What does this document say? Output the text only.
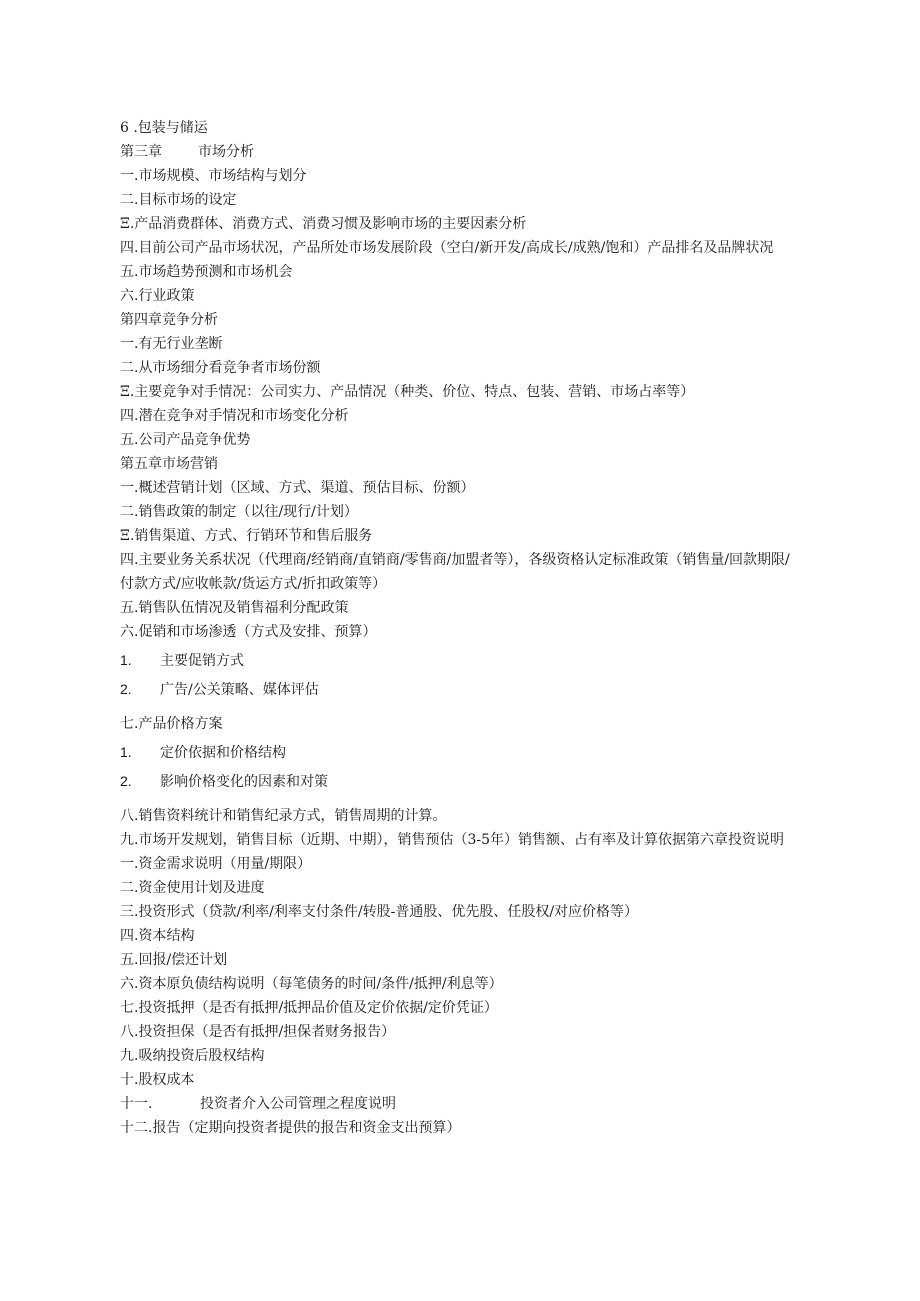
6 .包装与储运
第三章	市场分析
一.市场规模、市场结构与划分
二.目标市场的设定
Ξ.产品消费群体、消费方式、消费习惯及影响市场的主要因素分析
四.目前公司产品市场状况，产品所处市场发展阶段（空白/新开发/高成长/成熟/饱和）产品排名及品牌状况
五.市场趋势预测和市场机会
六.行业政策
第四章竞争分析
一.有无行业垄断
二.从市场细分看竞争者市场份额
Ξ.主要竞争对手情况：公司实力、产品情况（种类、价位、特点、包装、营销、市场占率等）
四.潜在竞争对手情况和市场变化分析
五.公司产品竞争优势
第五章市场营销
一.概述营销计划（区域、方式、渠道、预估目标、份额）
二.销售政策的制定（以往/现行/计划）
Ξ.销售渠道、方式、行销环节和售后服务
四.主要业务关系状况（代理商/经销商/直销商/零售商/加盟者等），各级资格认定标准政策（销售量/回款期限/付款方式/应收帐款/货运方式/折扣政策等）
五.销售队伍情况及销售福利分配政策
六.促销和市场渗透（方式及安排、预算）
1. 主要促销方式
2. 广告/公关策略、媒体评估
七.产品价格方案
1. 定价依据和价格结构
2. 影响价格变化的因素和对策
八.销售资料统计和销售纪录方式，销售周期的计算。
九.市场开发规划，销售目标（近期、中期），销售预估（3-5年）销售额、占有率及计算依据第六章投资说明
一.资金需求说明（用量/期限）
二.资金使用计划及进度
三.投资形式（贷款/利率/利率支付条件/转股-普通股、优先股、任股权/对应价格等）
四.资本结构
五.回报/偿还计划
六.资本原负债结构说明（每笔债务的时间/条件/抵押/利息等）
七.投资抵押（是否有抵押/抵押品价值及定价依据/定价凭证）
八.投资担保（是否有抵押/担保者财务报告）
九.吸纳投资后股权结构
十.股权成本
十一.	投资者介入公司管理之程度说明
十二.报告（定期向投资者提供的报告和资金支出预算）
